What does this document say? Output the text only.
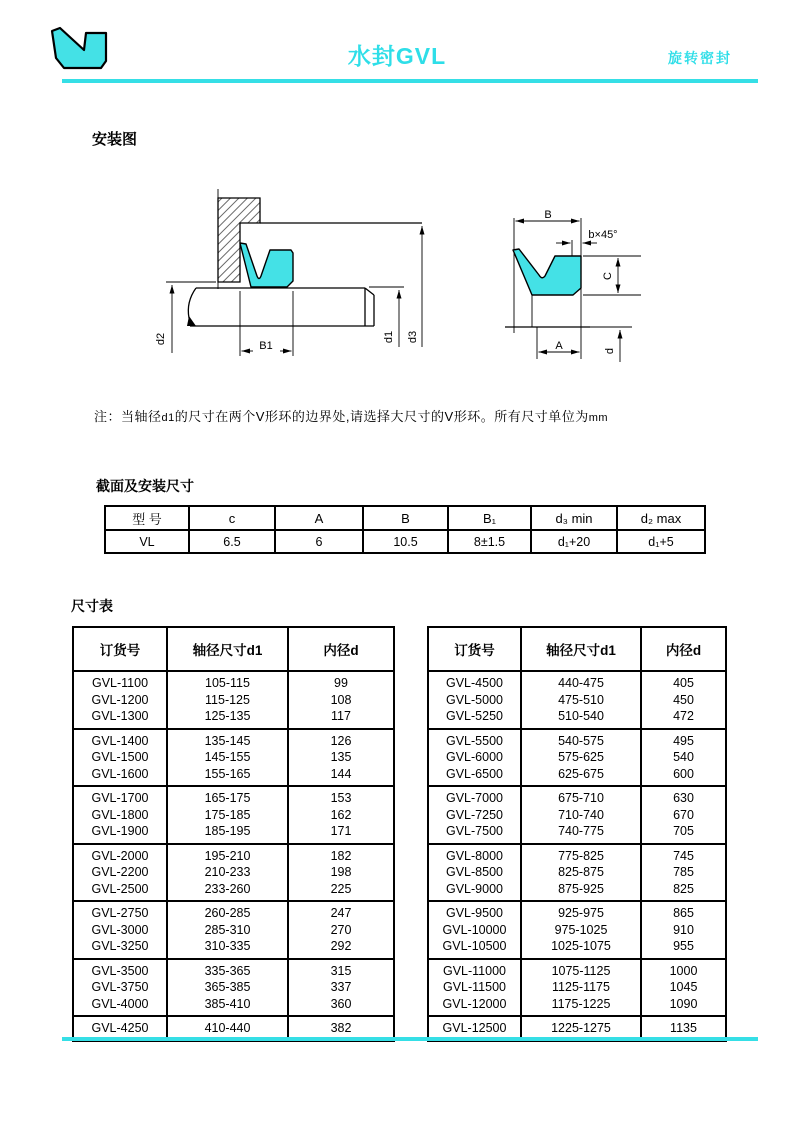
水封GVL	旋转密封
安装图
d2
B1
d1 d3
B
b×45°
C
A	d
注：当轴径d1的尺寸在两个V形环的边界处,请选择大尺寸的V形环。所有尺寸单位为mm
截面及安装尺寸
型 号	c	A	B	B₁	d₃ min	d₂ max
VL	6.5	6	10.5	8±1.5	d₁+20	d₁+5
尺寸表
订货号	轴径尺寸d1	内径d
GVL-1100	105-115	99
GVL-1200	115-125	108
GVL-1300	125-135	117
GVL-1400	135-145	126
GVL-1500	145-155	135
GVL-1600	155-165	144
GVL-1700	165-175	153
GVL-1800	175-185	162
GVL-1900	185-195	171
GVL-2000	195-210	182
GVL-2200	210-233	198
GVL-2500	233-260	225
GVL-2750	260-285	247
GVL-3000	285-310	270
GVL-3250	310-335	292
GVL-3500	335-365	315
GVL-3750	365-385	337
GVL-4000	385-410	360
GVL-4250	410-440	382
订货号	轴径尺寸d1	内径d
GVL-4500	440-475	405
GVL-5000	475-510	450
GVL-5250	510-540	472
GVL-5500	540-575	495
GVL-6000	575-625	540
GVL-6500	625-675	600
GVL-7000	675-710	630
GVL-7250	710-740	670
GVL-7500	740-775	705
GVL-8000	775-825	745
GVL-8500	825-875	785
GVL-9000	875-925	825
GVL-9500	925-975	865
GVL-10000	975-1025	910
GVL-10500	1025-1075	955
GVL-11000	1075-1125	1000
GVL-11500	1125-1175	1045
GVL-12000	1175-1225	1090
GVL-12500	1225-1275	1135
